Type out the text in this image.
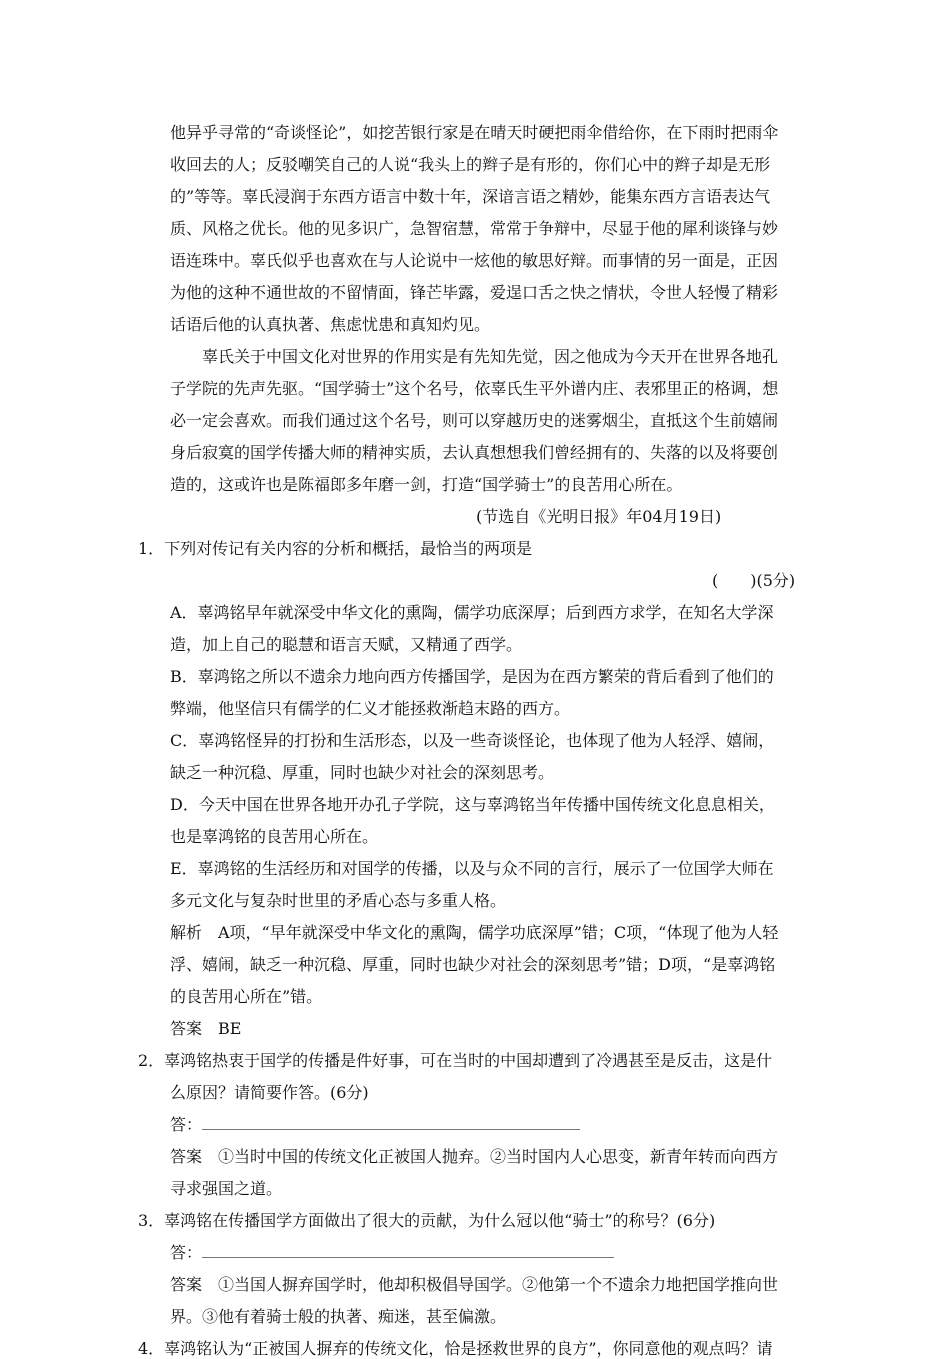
他异乎寻常的“奇谈怪论”，如挖苦银行家是在晴天时硬把雨伞借给你，在下雨时把雨伞
收回去的人；反驳嘲笑自己的人说“我头上的辫子是有形的，你们心中的辫子却是无形
的”等等。辜氏浸润于东西方语言中数十年，深谙言语之精妙，能集东西方言语表达气
质、风格之优长。他的见多识广，急智宿慧，常常于争辩中，尽显于他的犀利谈锋与妙
语连珠中。辜氏似乎也喜欢在与人论说中一炫他的敏思好辩。而事情的另一面是，正因
为他的这种不通世故的不留情面，锋芒毕露，爱逞口舌之快之情状，令世人轻慢了精彩
话语后他的认真执著、焦虑忧患和真知灼见。
辜氏关于中国文化对世界的作用实是有先知先觉，因之他成为今天开在世界各地孔
子学院的先声先驱。“国学骑士”这个名号，依辜氏生平外谱内庄、表邪里正的格调，想
必一定会喜欢。而我们通过这个名号，则可以穿越历史的迷雾烟尘，直抵这个生前嬉闹
身后寂寞的国学传播大师的精神实质，去认真想想我们曾经拥有的、失落的以及将要创
造的，这或许也是陈福郎多年磨一剑，打造“国学骑士”的良苦用心所在。
(节选自《光明日报》年04月19日)
1．下列对传记有关内容的分析和概括，最恰当的两项是
(　　)(5分)
A．辜鸿铭早年就深受中华文化的熏陶，儒学功底深厚；后到西方求学，在知名大学深
造，加上自己的聪慧和语言天赋，又精通了西学。
B．辜鸿铭之所以不遗余力地向西方传播国学，是因为在西方繁荣的背后看到了他们的
弊端，他坚信只有儒学的仁义才能拯救渐趋末路的西方。
C．辜鸿铭怪异的打扮和生活形态，以及一些奇谈怪论，也体现了他为人轻浮、嬉闹，
缺乏一种沉稳、厚重，同时也缺少对社会的深刻思考。
D．今天中国在世界各地开办孔子学院，这与辜鸿铭当年传播中国传统文化息息相关，
也是辜鸿铭的良苦用心所在。
E．辜鸿铭的生活经历和对国学的传播，以及与众不同的言行，展示了一位国学大师在
多元文化与复杂时世里的矛盾心态与多重人格。
解析　A项，“早年就深受中华文化的熏陶，儒学功底深厚”错；C项，“体现了他为人轻
浮、嬉闹，缺乏一种沉稳、厚重，同时也缺少对社会的深刻思考”错；D项，“是辜鸿铭
的良苦用心所在”错。
答案　BE
2．辜鸿铭热衷于国学的传播是件好事，可在当时的中国却遭到了冷遇甚至是反击，这是什
么原因？请简要作答。(6分)
答：
答案　①当时中国的传统文化正被国人抛弃。②当时国内人心思变，新青年转而向西方
寻求强国之道。
3．辜鸿铭在传播国学方面做出了很大的贡献，为什么冠以他“骑士”的称号？(6分)
答：
答案　①当国人摒弃国学时，他却积极倡导国学。②他第一个不遗余力地把国学推向世
界。③他有着骑士般的执著、痴迷，甚至偏激。
4．辜鸿铭认为“正被国人摒弃的传统文化，恰是拯救世界的良方”，你同意他的观点吗？请
